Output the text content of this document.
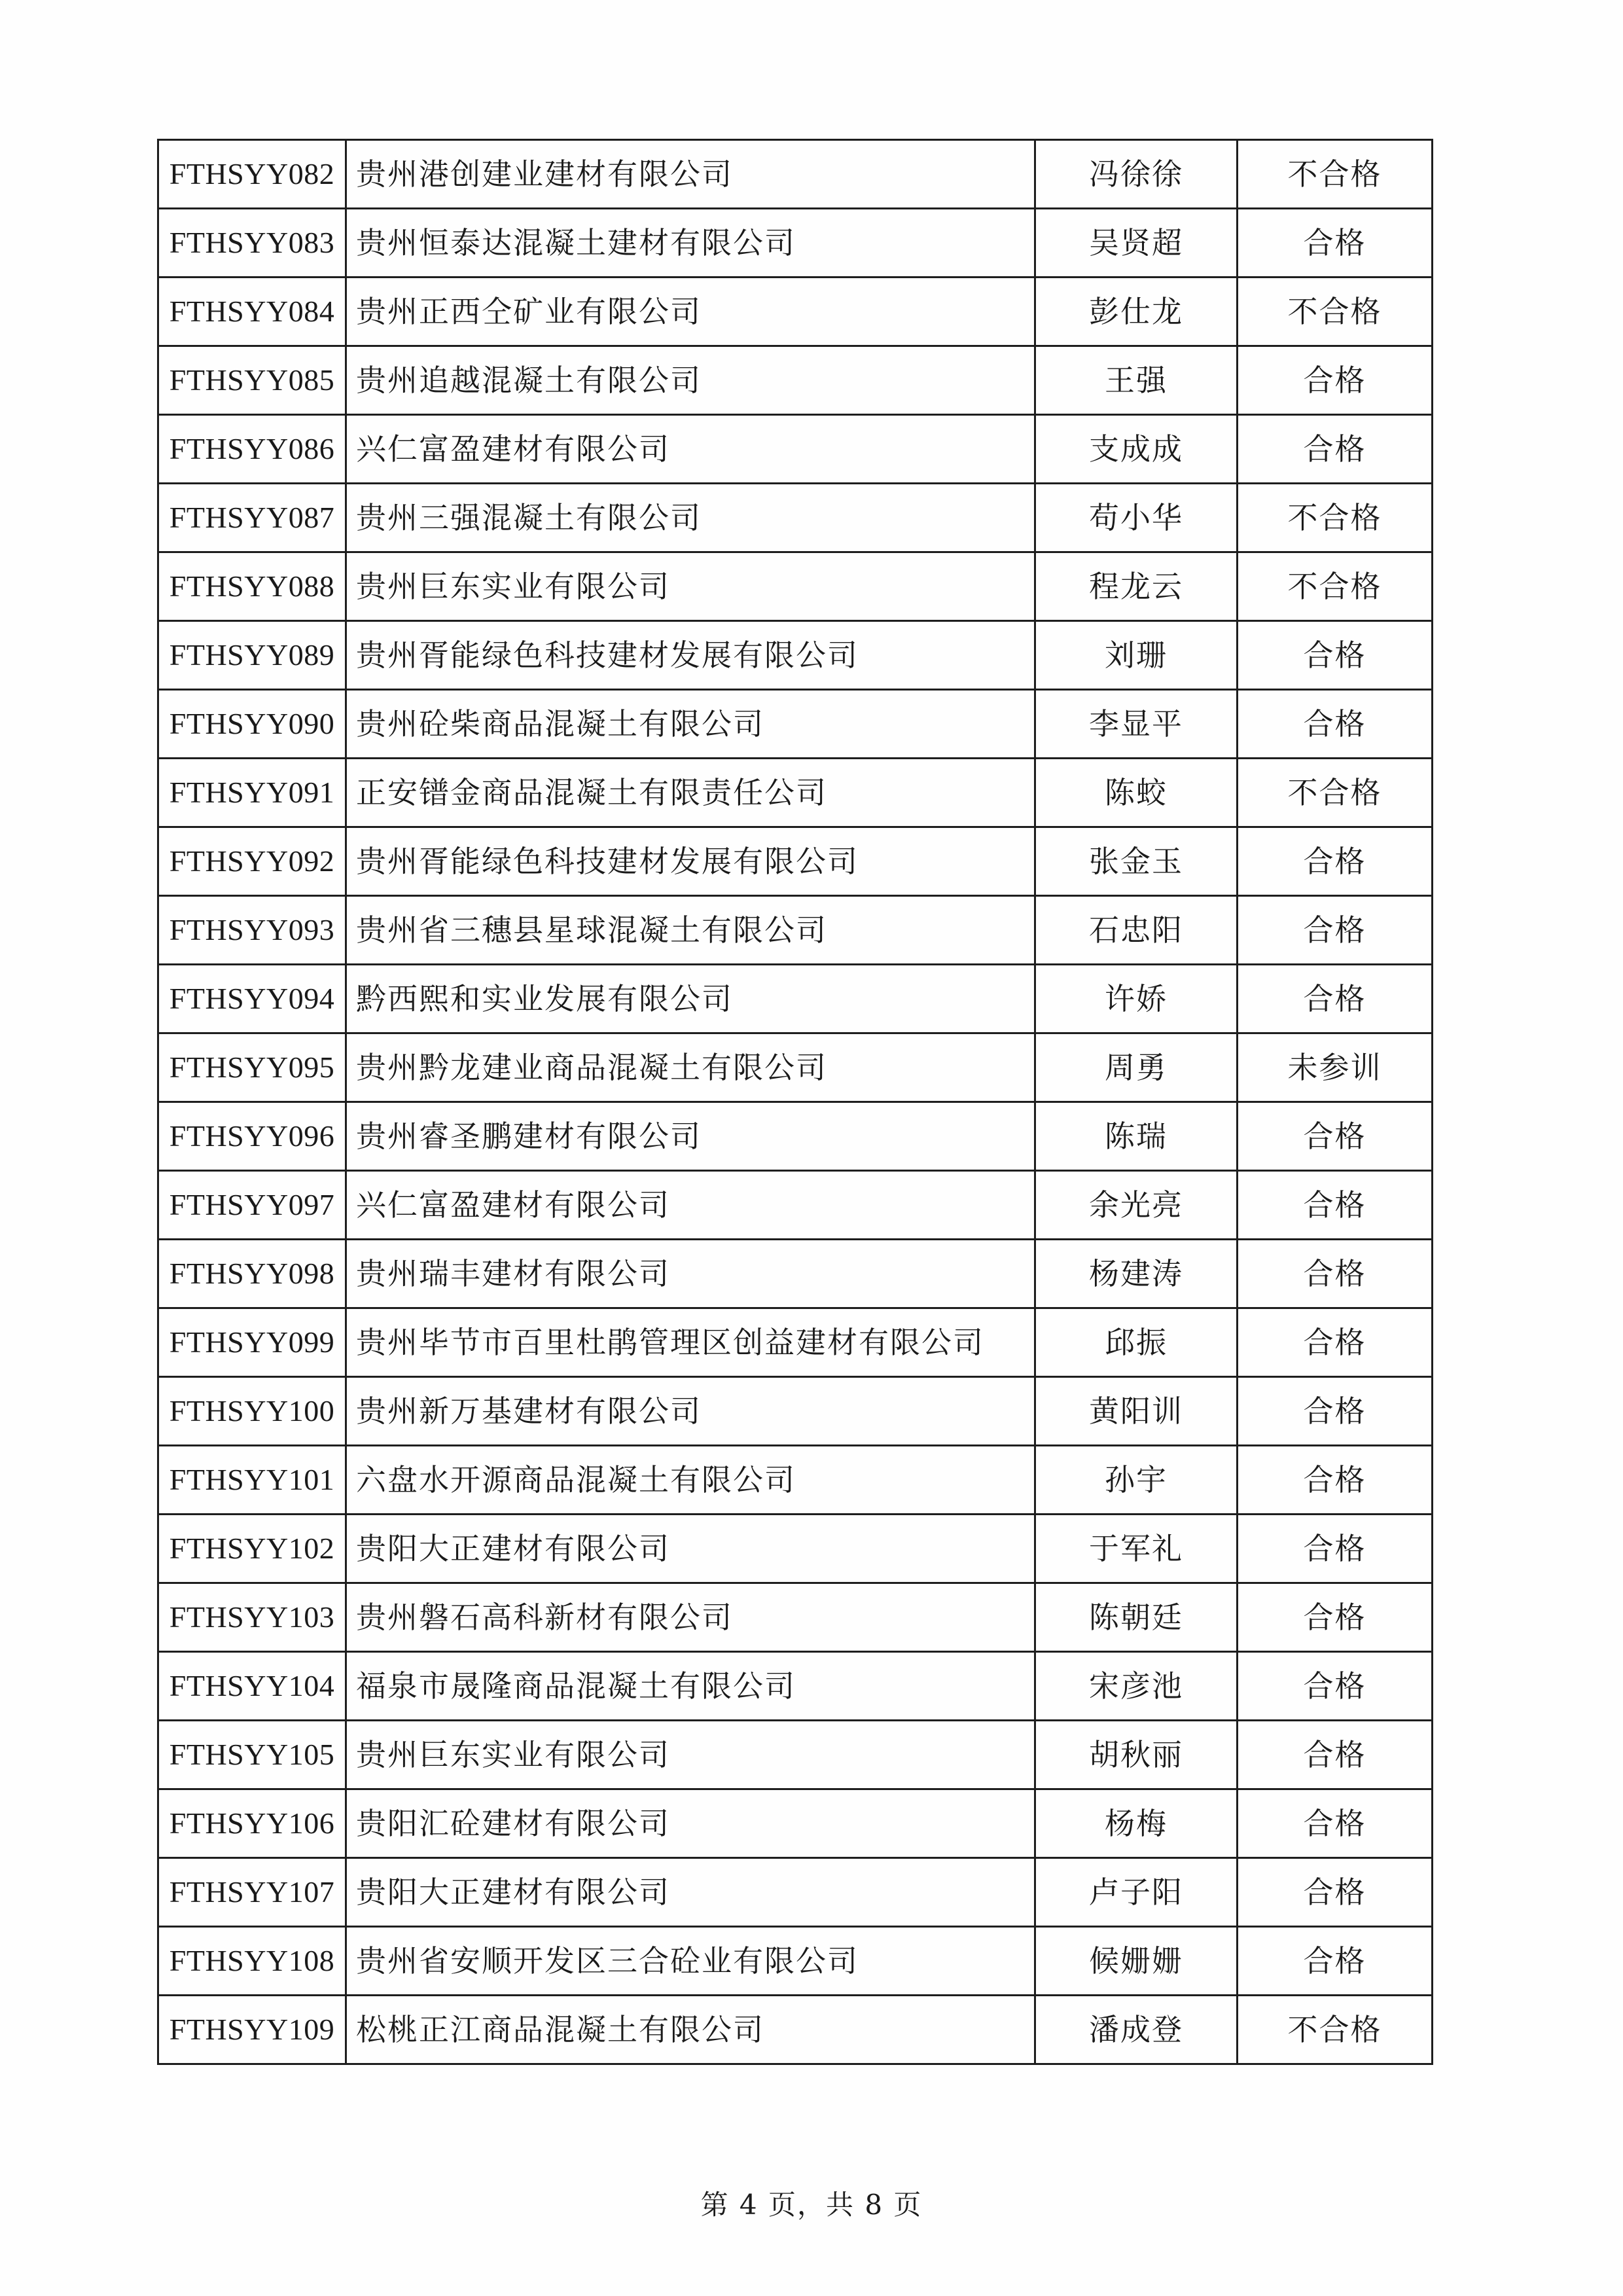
FTHSYY082	贵州港创建业建材有限公司	冯徐徐	不合格
FTHSYY083	贵州恒泰达混凝土建材有限公司	吴贤超	合格
FTHSYY084	贵州正西仝矿业有限公司	彭仕龙	不合格
FTHSYY085	贵州追越混凝土有限公司	王强	合格
FTHSYY086	兴仁富盈建材有限公司	支成成	合格
FTHSYY087	贵州三强混凝土有限公司	苟小华	不合格
FTHSYY088	贵州巨东实业有限公司	程龙云	不合格
FTHSYY089	贵州胥能绿色科技建材发展有限公司	刘珊	合格
FTHSYY090	贵州砼柴商品混凝土有限公司	李显平	合格
FTHSYY091	正安镨金商品混凝土有限责任公司	陈蛟	不合格
FTHSYY092	贵州胥能绿色科技建材发展有限公司	张金玉	合格
FTHSYY093	贵州省三穗县星球混凝土有限公司	石忠阳	合格
FTHSYY094	黔西熙和实业发展有限公司	许娇	合格
FTHSYY095	贵州黔龙建业商品混凝土有限公司	周勇	未参训
FTHSYY096	贵州睿圣鹏建材有限公司	陈瑞	合格
FTHSYY097	兴仁富盈建材有限公司	余光亮	合格
FTHSYY098	贵州瑞丰建材有限公司	杨建涛	合格
FTHSYY099	贵州毕节市百里杜鹃管理区创益建材有限公司	邱振	合格
FTHSYY100	贵州新万基建材有限公司	黄阳训	合格
FTHSYY101	六盘水开源商品混凝土有限公司	孙宇	合格
FTHSYY102	贵阳大正建材有限公司	于军礼	合格
FTHSYY103	贵州磐石高科新材有限公司	陈朝廷	合格
FTHSYY104	福泉市晟隆商品混凝土有限公司	宋彦池	合格
FTHSYY105	贵州巨东实业有限公司	胡秋丽	合格
FTHSYY106	贵阳汇砼建材有限公司	杨梅	合格
FTHSYY107	贵阳大正建材有限公司	卢子阳	合格
FTHSYY108	贵州省安顺开发区三合砼业有限公司	候姗姗	合格
FTHSYY109	松桃正江商品混凝土有限公司	潘成登	不合格
第 4 页，共 8 页
